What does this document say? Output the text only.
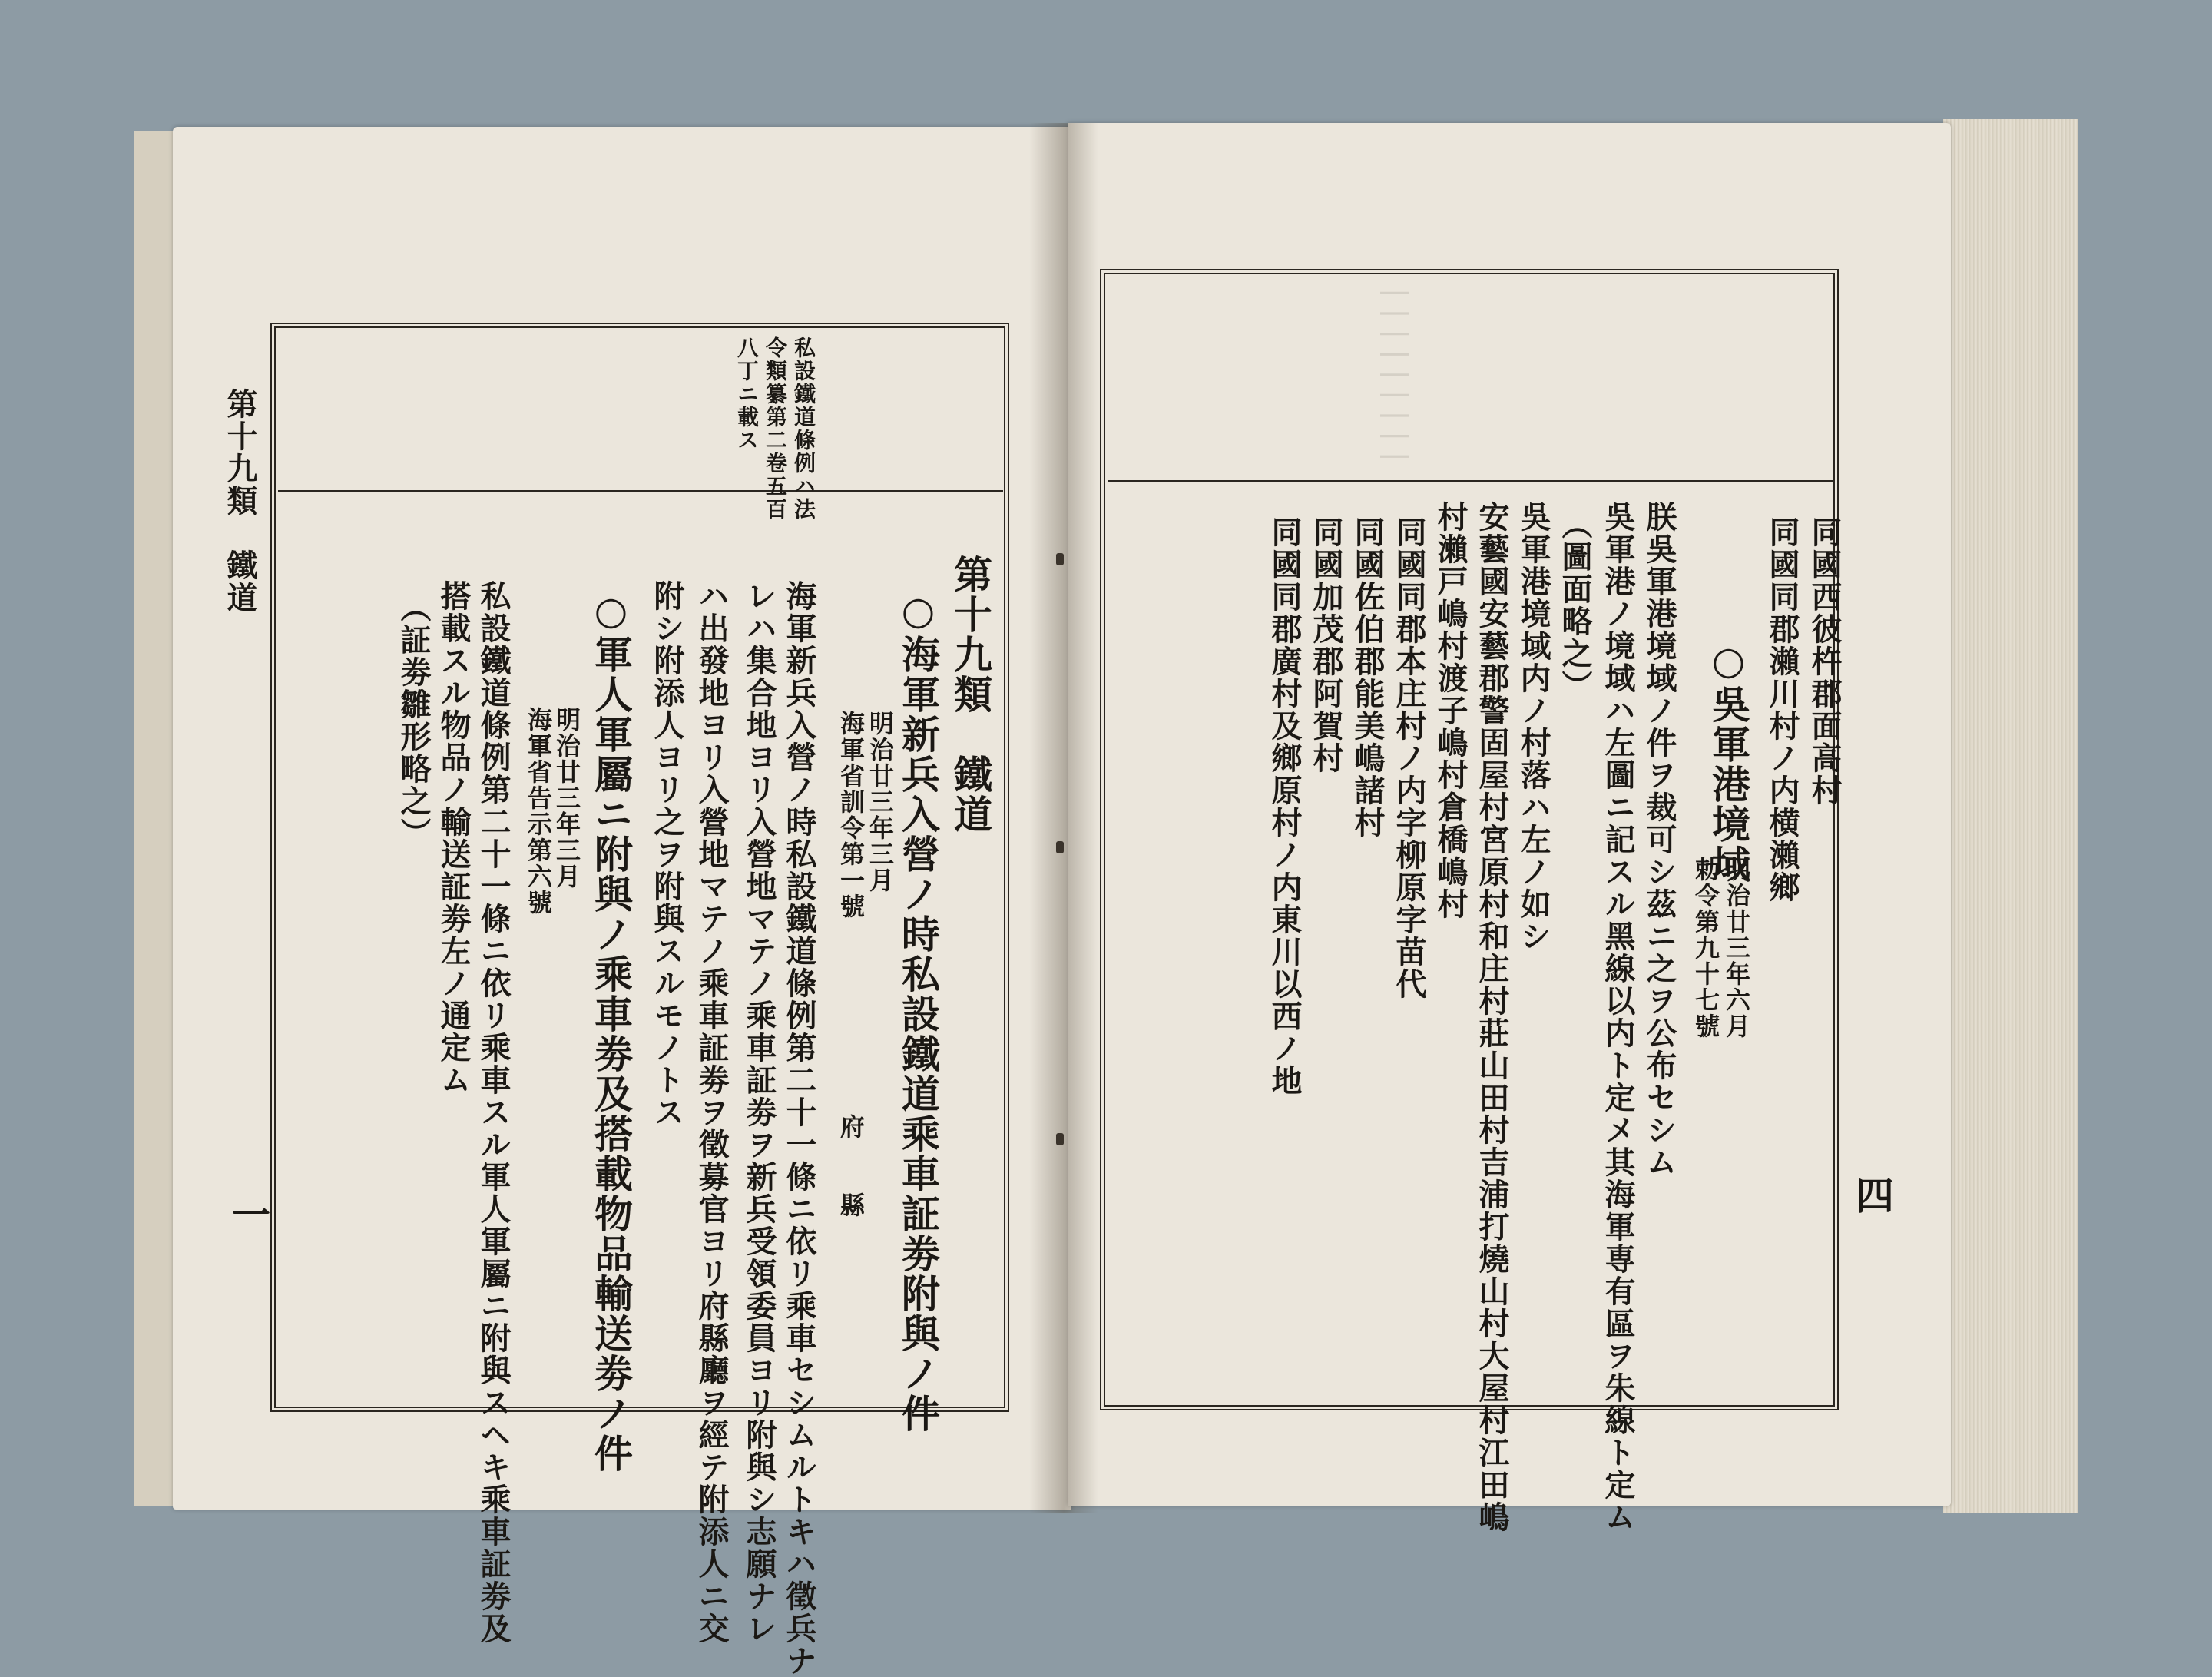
第十九類　鐵道
一
私設鐵道條例ハ法
令類纂第二卷五百
八丁ニ載ス
第十九類　鐵道
○海軍新兵入營ノ時私設鐵道乘車証劵附與ノ件
明治廿三年三月
海軍省訓令第一號
府　　縣
海軍新兵入營ノ時私設鐵道條例第二十一條ニ依リ乘車セシムルトキハ徵兵ナ
レハ集合地ヨリ入營地マテノ乘車証劵ヲ新兵受領委員ヨリ附與シ志願ナレ
ハ出發地ヨリ入營地マテノ乘車証劵ヲ徵募官ヨリ府縣廳ヲ經テ附添人ニ交
附シ附添人ヨリ之ヲ附與スルモノトス
○軍人軍屬ニ附與ノ乘車劵及搭載物品輸送劵ノ件
明治廿三年三月
海軍省告示第六號
私設鐵道條例第二十一條ニ依リ乘車スル軍人軍屬ニ附與スヘキ乘車証劵及
搭載スル物品ノ輸送証劵左ノ通定ム
（証劵雛形略之）
四
▏▏▏▏▏▏▏▏▏
同國西彼杵郡面高村
同國同郡瀨川村ノ内横瀨鄉
○吳軍港境域
明治廿三年六月
勅令第九十七號
朕吳軍港境域ノ件ヲ裁可シ茲ニ之ヲ公布セシム
吳軍港ノ境域ハ左圖ニ記スル黑線以内ト定メ其海軍専有區ヲ朱線ト定ム
（圖面略之）
吳軍港境域内ノ村落ハ左ノ如シ
安藝國安藝郡警固屋村宮原村和庄村莊山田村吉浦打燒山村大屋村江田嶋
村瀨戸嶋村渡子嶋村倉橋嶋村
同國同郡本庄村ノ内字柳原字苗代
同國佐伯郡能美嶋諸村
同國加茂郡阿賀村
同國同郡廣村及鄉原村ノ内東川以西ノ地
